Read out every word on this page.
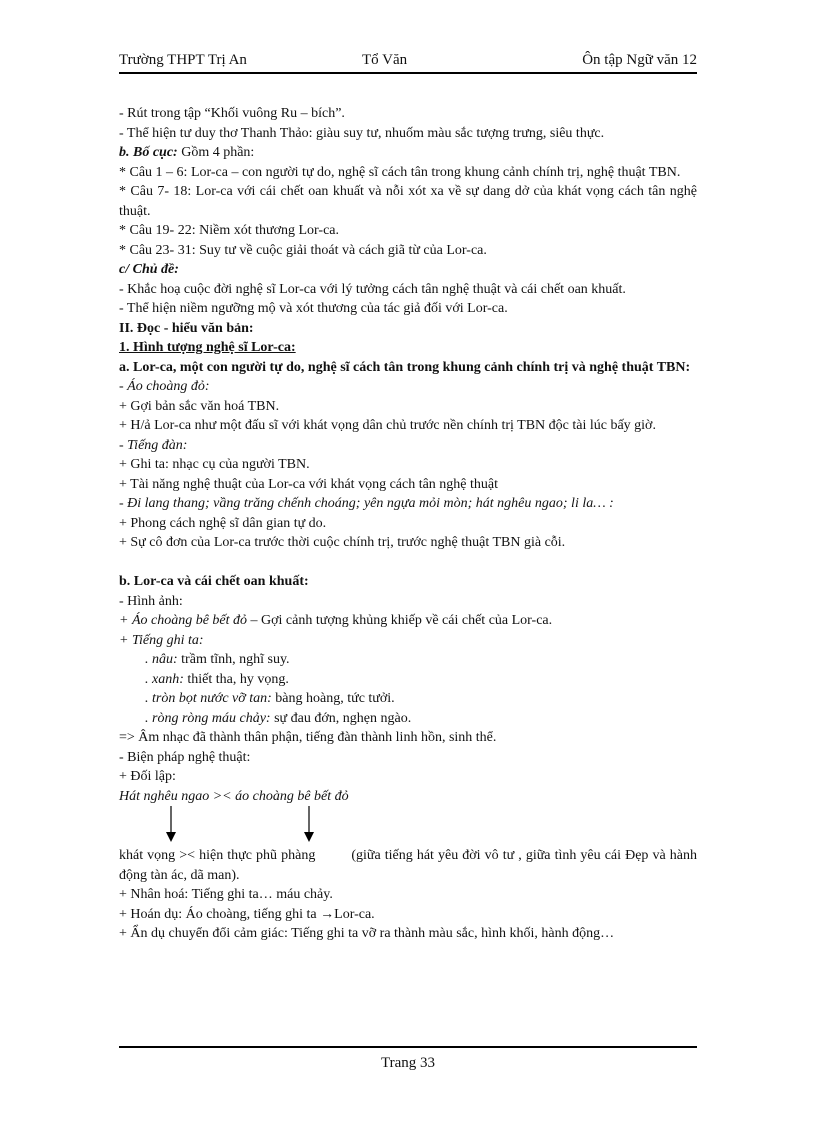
Trường THPT Trị An	Tổ Văn	Ôn tập Ngữ văn 12

- Rút trong tập “Khối vuông Ru – bích”.

- Thể hiện tư duy thơ Thanh Thảo: giàu suy tư, nhuốm màu sắc tượng trưng, siêu thực.

b. Bố cục: Gồm 4 phần:

* Câu 1 – 6: Lor-ca – con người tự do, nghệ sĩ cách tân trong khung cảnh chính trị, nghệ thuật TBN.

* Câu 7- 18: Lor-ca với cái chết oan khuất và nỗi xót xa về sự dang dở của khát vọng cách tân nghệ thuật.

* Câu 19- 22: Niềm xót thương Lor-ca.

* Câu 23- 31: Suy tư về cuộc giải thoát và cách giã từ của Lor-ca.

c/ Chủ đề:

- Khắc hoạ cuộc đời nghệ sĩ Lor-ca với lý tưởng cách tân nghệ thuật và cái chết oan khuất.

- Thể hiện niềm ngưỡng mộ và xót thương của tác giả đối với Lor-ca.

II. Đọc - hiểu văn bản:

1. Hình tượng nghệ sĩ Lor-ca:

a. Lor-ca, một con người tự do, nghệ sĩ cách tân trong khung cảnh chính trị và nghệ thuật TBN:

- Áo choàng đỏ:

+ Gợi bản sắc văn hoá TBN.

+ H/ả Lor-ca như một đấu sĩ với khát vọng dân chủ trước nền chính trị TBN độc tài lúc bấy giờ.

- Tiếng đàn:

+ Ghi ta: nhạc cụ của người TBN.

+ Tài năng nghệ thuật của Lor-ca với khát vọng cách tân nghệ thuật

- Đi lang thang; vầng trăng chếnh choáng; yên ngựa mỏi mòn; hát nghêu ngao; li la… :

+ Phong cách nghệ sĩ dân gian tự do.

+ Sự cô đơn của Lor-ca trước thời cuộc chính trị, trước nghệ thuật TBN già cỗi.

b. Lor-ca và cái chết oan khuất:

- Hình ảnh:

+ Áo choàng bê bết đỏ – Gợi cảnh tượng khủng khiếp về cái chết của Lor-ca.

+ Tiếng ghi ta:

. nâu: trầm tĩnh, nghĩ suy.

. xanh: thiết tha, hy vọng.

. tròn bọt nước vỡ tan: bàng hoàng, tức tưởi.

. ròng ròng máu chảy: sự đau đớn, nghẹn ngào.

=> Âm nhạc đã thành thân phận, tiếng đàn thành linh hồn, sinh thể.

- Biện pháp nghệ thuật:

+ Đối lập:

Hát nghêu ngao >< áo choàng bê bết đỏ

khát vọng >< hiện thực phũ phàng	(giữa tiếng hát yêu đời vô tư , giữa tình yêu cái Đẹp và hành động tàn ác, dã man).

+ Nhân hoá: Tiếng ghi ta… máu chảy.

+ Hoán dụ: Áo choàng, tiếng ghi ta →Lor-ca.

+ Ẩn dụ chuyển đổi cảm giác: Tiếng ghi ta vỡ ra thành màu sắc, hình khối, hành động…

Trang 33
